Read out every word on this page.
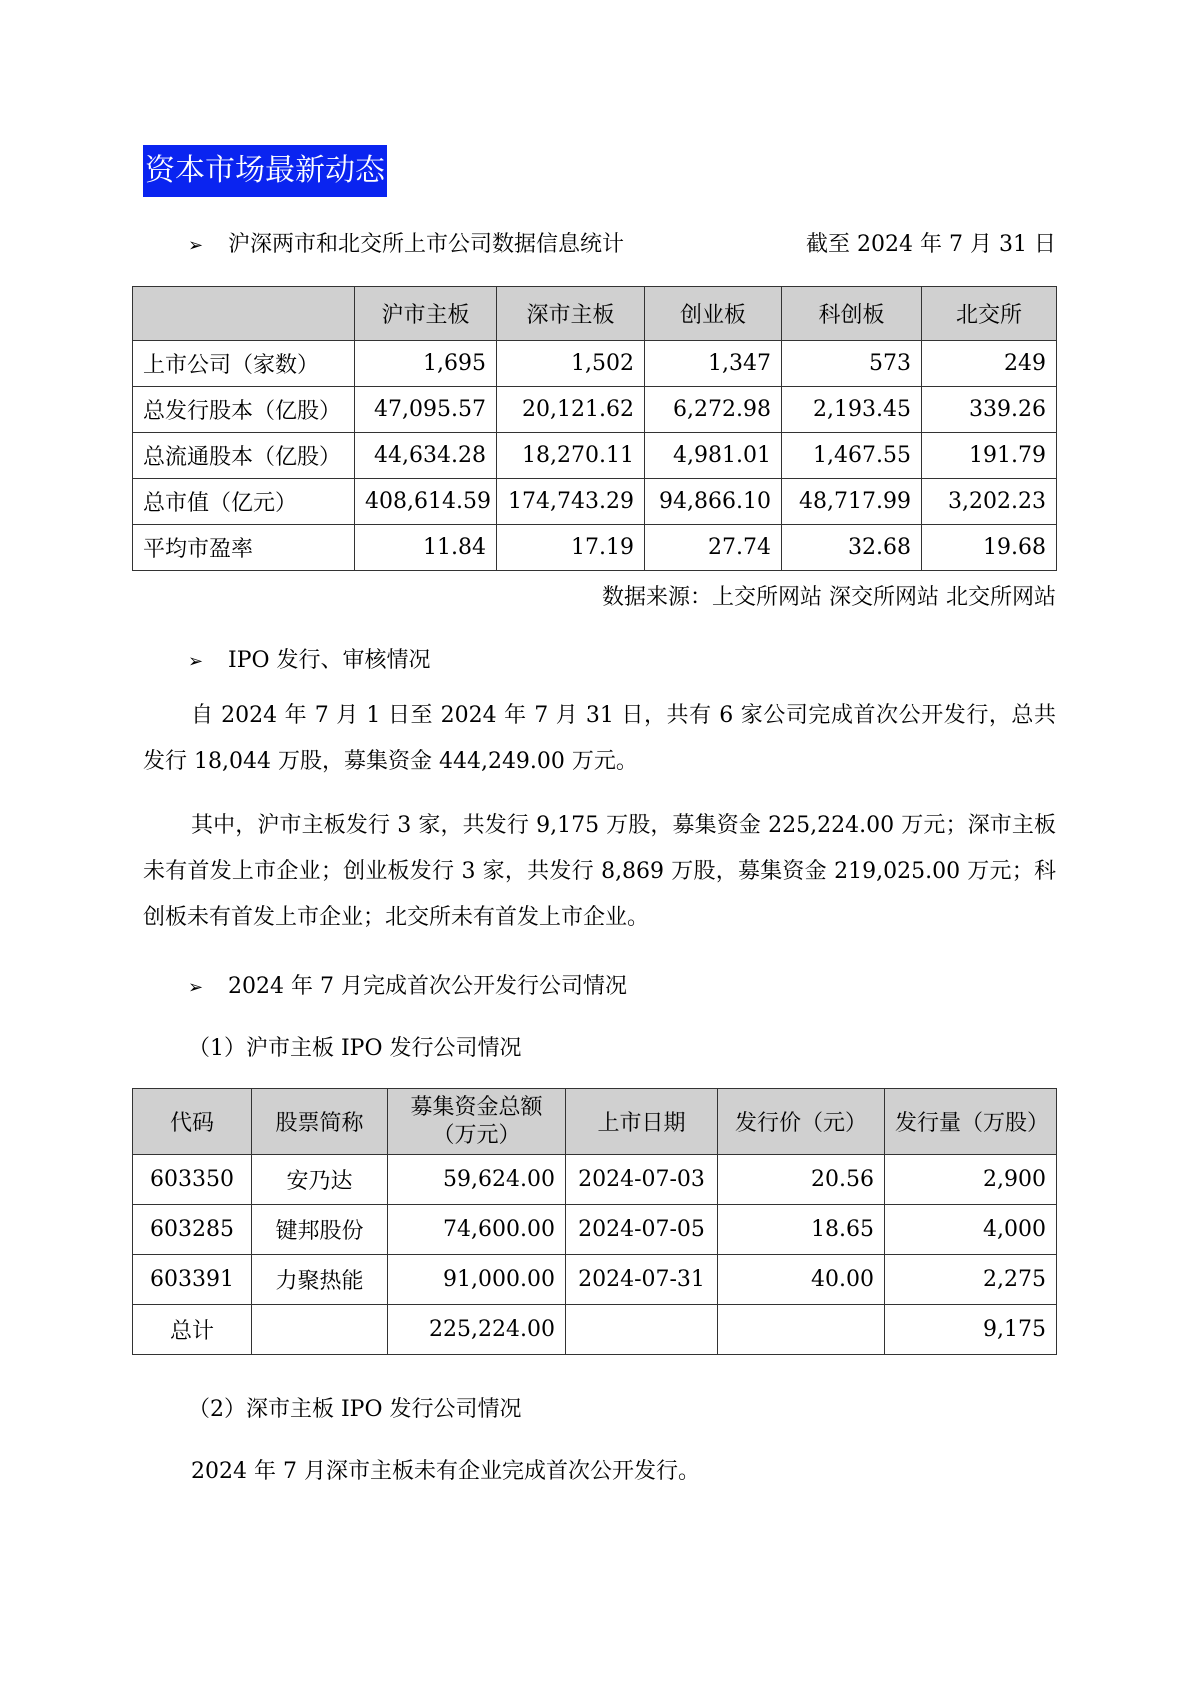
资本市场最新动态
➢ 沪深两市和北交所上市公司数据信息统计	截至 2024 年 7 月 31 日
	沪市主板	深市主板	创业板	科创板	北交所
上市公司（家数）	1,695	1,502	1,347	573	249
总发行股本（亿股）	47,095.57	20,121.62	6,272.98	2,193.45	339.26
总流通股本（亿股）	44,634.28	18,270.11	4,981.01	1,467.55	191.79
总市值（亿元）	408,614.59	174,743.29	94,866.10	48,717.99	3,202.23
平均市盈率	11.84	17.19	27.74	32.68	19.68
数据来源：上交所网站 深交所网站 北交所网站
➢ IPO 发行、审核情况
自 2024 年 7 月 1 日至 2024 年 7 月 31 日，共有 6 家公司完成首次公开发行，总共发行 18,044 万股，募集资金 444,249.00 万元。
其中，沪市主板发行 3 家，共发行 9,175 万股，募集资金 225,224.00 万元；深市主板未有首发上市企业；创业板发行 3 家，共发行 8,869 万股，募集资金 219,025.00 万元；科创板未有首发上市企业；北交所未有首发上市企业。
➢ 2024 年 7 月完成首次公开发行公司情况
（1）沪市主板 IPO 发行公司情况
代码	股票简称	募集资金总额
（万元）	上市日期	发行价（元）	发行量（万股）
603350	安乃达	59,624.00	2024-07-03	20.56	2,900
603285	键邦股份	74,600.00	2024-07-05	18.65	4,000
603391	力聚热能	91,000.00	2024-07-31	40.00	2,275
总计		225,224.00			9,175
（2）深市主板 IPO 发行公司情况
2024 年 7 月深市主板未有企业完成首次公开发行。
